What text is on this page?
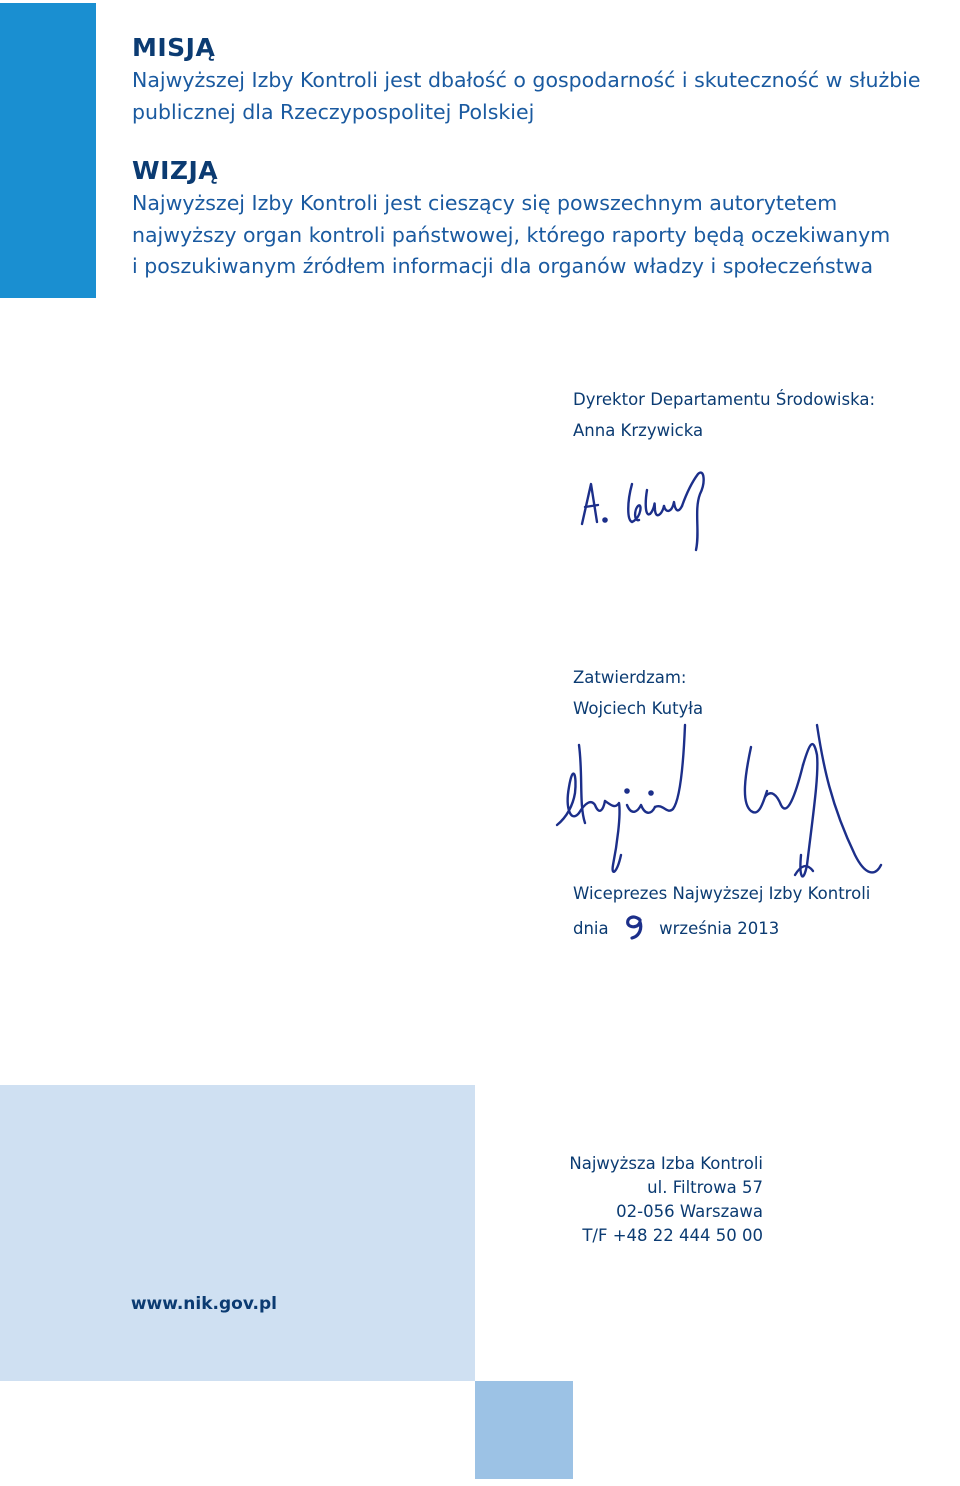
MISJĄ

Najwyższej Izby Kontroli jest dbałość o gospodarność i skuteczność w służbie
publicznej dla Rzeczypospolitej Polskiej

WIZJĄ

Najwyższej Izby Kontroli jest cieszący się powszechnym autorytetem
najwyższy organ kontroli państwowej, którego raporty będą oczekiwanym
i poszukiwanym źródłem informacji dla organów władzy i społeczeństwa

Dyrektor Departamentu Środowiska:
Anna Krzywicka
Zatwierdzam:
Wojciech Kutyła
Wiceprezes Najwyższej Izby Kontroli
dnia	września 2013
Najwyższa Izba Kontroli
ul. Filtrowa 57
02-056 Warszawa
T/F +48 22 444 50 00
www.nik.gov.pl
